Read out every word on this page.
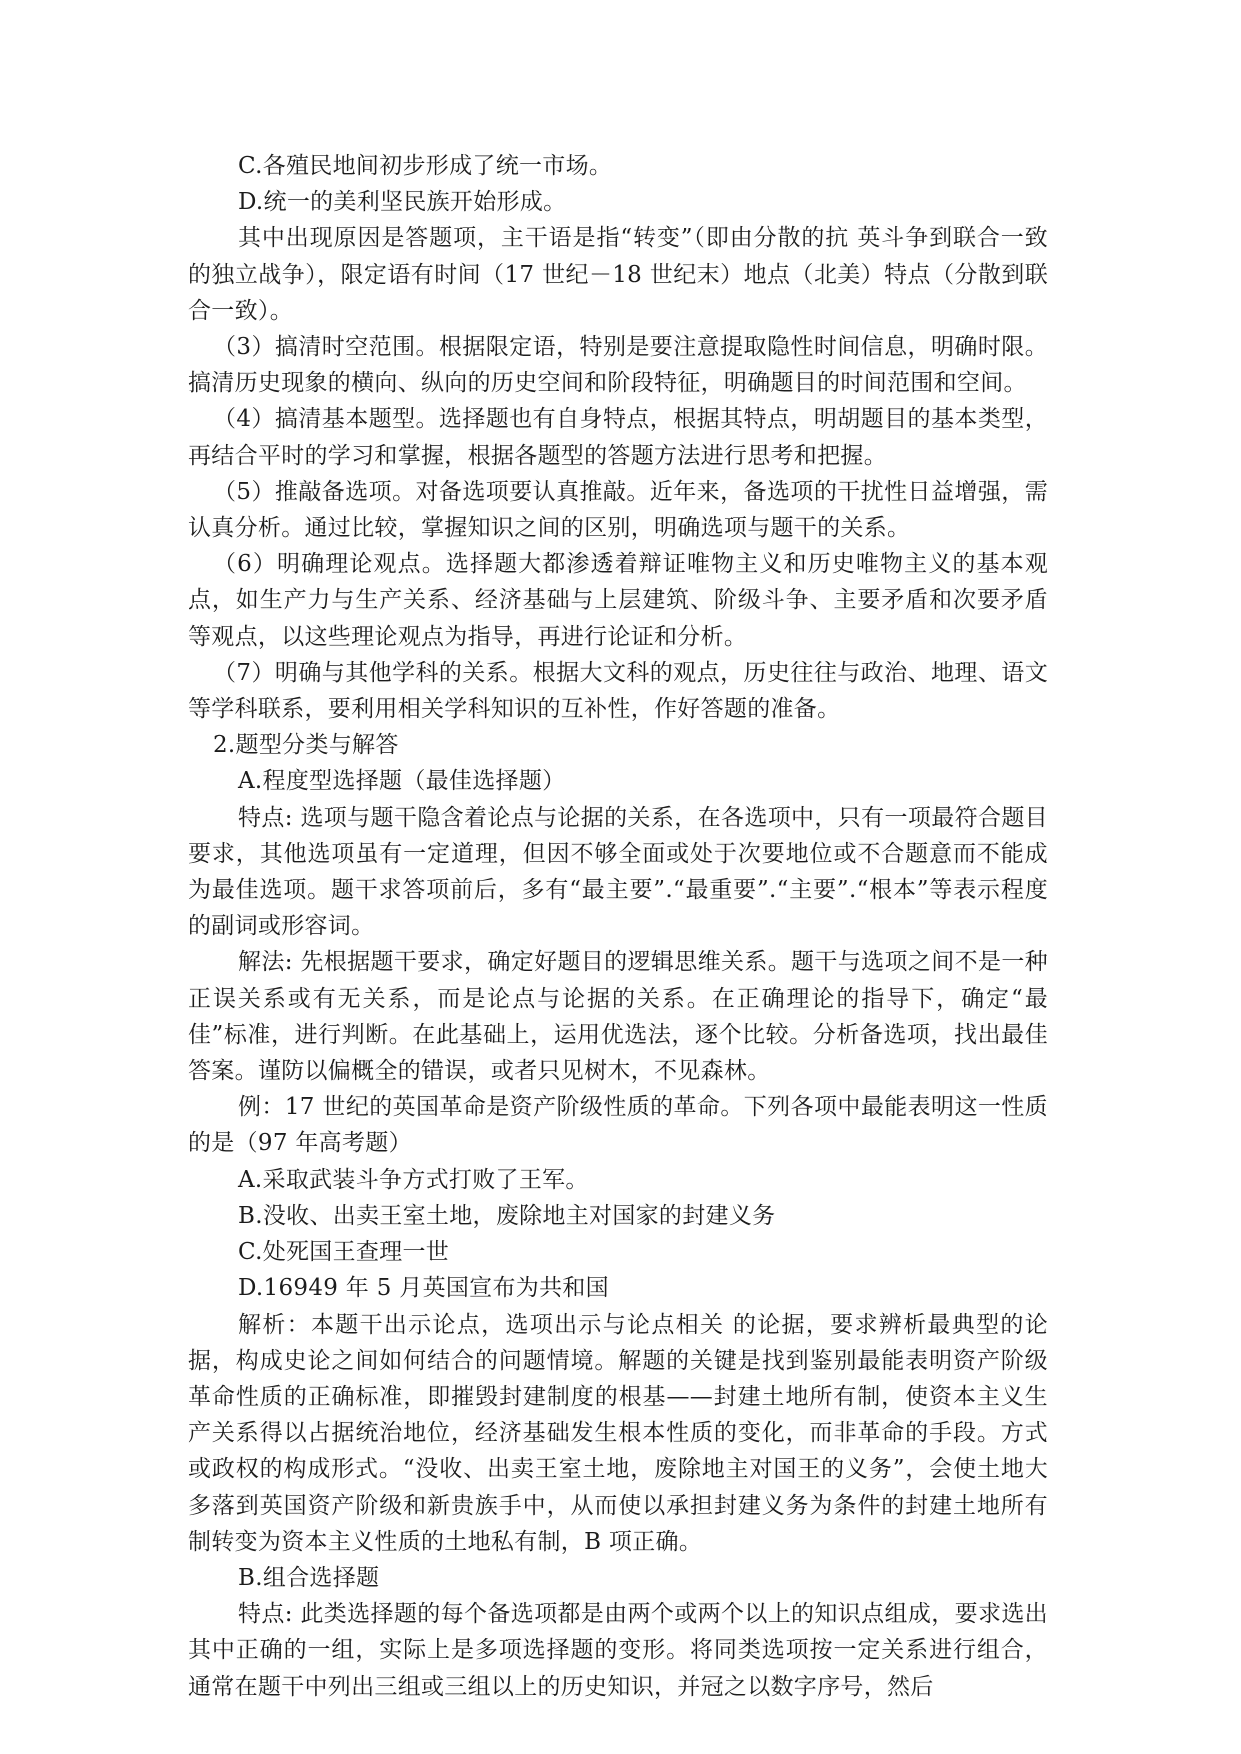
C.各殖民地间初步形成了统一市场。

D.统一的美利坚民族开始形成。

其中出现原因是答题项，主干语是指“转变”（即由分散的抗 英斗争到联合一致的独立战争），限定语有时间（17 世纪－18 世纪末）地点（北美）特点（分散到联合一致）。

（3）搞清时空范围。根据限定语，特别是要注意提取隐性时间信息，明确时限。搞清历史现象的横向、纵向的历史空间和阶段特征，明确题目的时间范围和空间。

（4）搞清基本题型。选择题也有自身特点，根据其特点，明胡题目的基本类型，再结合平时的学习和掌握，根据各题型的答题方法进行思考和把握。

（5）推敲备选项。对备选项要认真推敲。近年来，备选项的干扰性日益增强，需认真分析。通过比较，掌握知识之间的区别，明确选项与题干的关系。

（6）明确理论观点。选择题大都渗透着辩证唯物主义和历史唯物主义的基本观点，如生产力与生产关系、经济基础与上层建筑、阶级斗争、主要矛盾和次要矛盾等观点，以这些理论观点为指导，再进行论证和分析。

（7）明确与其他学科的关系。根据大文科的观点，历史往往与政治、地理、语文等学科联系，要利用相关学科知识的互补性，作好答题的准备。

2.题型分类与解答

A.程度型选择题（最佳选择题）

特点: 选项与题干隐含着论点与论据的关系，在各选项中，只有一项最符合题目要求，其他选项虽有一定道理，但因不够全面或处于次要地位或不合题意而不能成为最佳选项。题干求答项前后，多有“最主要”.“最重要”.“主要”.“根本”等表示程度的副词或形容词。

解法: 先根据题干要求，确定好题目的逻辑思维关系。题干与选项之间不是一种正误关系或有无关系，而是论点与论据的关系。在正确理论的指导下，确定“最佳”标准，进行判断。在此基础上，运用优选法，逐个比较。分析备选项，找出最佳答案。谨防以偏概全的错误，或者只见树木，不见森林。

例：17 世纪的英国革命是资产阶级性质的革命。下列各项中最能表明这一性质的是（97 年高考题）

A.采取武装斗争方式打败了王军。

B.没收、出卖王室土地，废除地主对国家的封建义务

C.处死国王查理一世

D.16949 年 5 月英国宣布为共和国

解析：本题干出示论点，选项出示与论点相关 的论据，要求辨析最典型的论据，构成史论之间如何结合的问题情境。解题的关键是找到鉴别最能表明资产阶级革命性质的正确标准，即摧毁封建制度的根基——封建土地所有制，使资本主义生产关系得以占据统治地位，经济基础发生根本性质的变化，而非革命的手段。方式或政权的构成形式。“没收、出卖王室土地，废除地主对国王的义务”，会使土地大多落到英国资产阶级和新贵族手中，从而使以承担封建义务为条件的封建土地所有制转变为资本主义性质的土地私有制，B 项正确。

B.组合选择题

特点: 此类选择题的每个备选项都是由两个或两个以上的知识点组成，要求选出其中正确的一组，实际上是多项选择题的变形。将同类选项按一定关系进行组合，通常在题干中列出三组或三组以上的历史知识，并冠之以数字序号，然后
